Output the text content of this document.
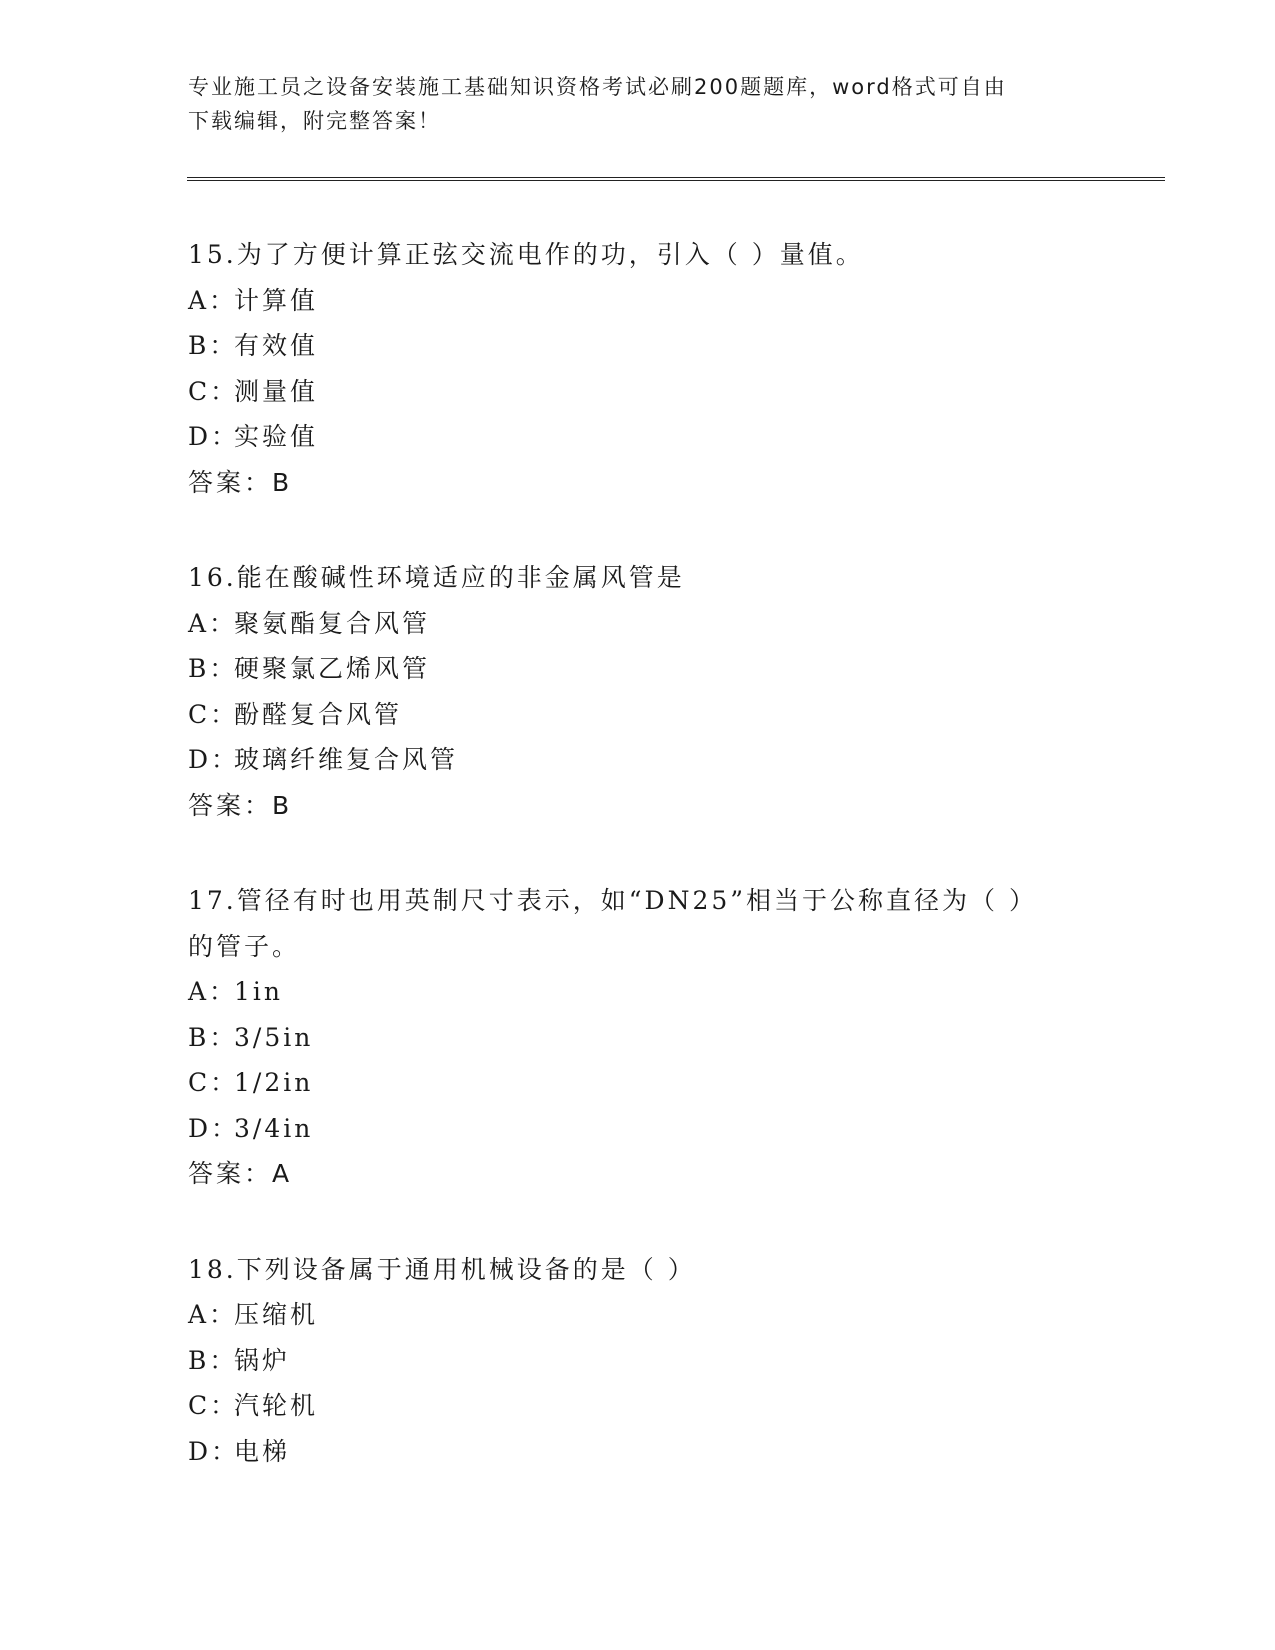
专业施工员之设备安装施工基础知识资格考试必刷200题题库，word格式可自由
下载编辑，附完整答案！
15.为了方便计算正弦交流电作的功，引入（ ）量值。
A：计算值
B：有效值
C：测量值
D：实验值
答案：B
16.能在酸碱性环境适应的非金属风管是
A：聚氨酯复合风管
B：硬聚氯乙烯风管
C：酚醛复合风管
D：玻璃纤维复合风管
答案：B
17.管径有时也用英制尺寸表示，如“DN25”相当于公称直径为（ ）
的管子。
A：1in
B：3/5in
C：1/2in
D：3/4in
答案：A
18.下列设备属于通用机械设备的是（ ）
A：压缩机
B：锅炉
C：汽轮机
D：电梯
